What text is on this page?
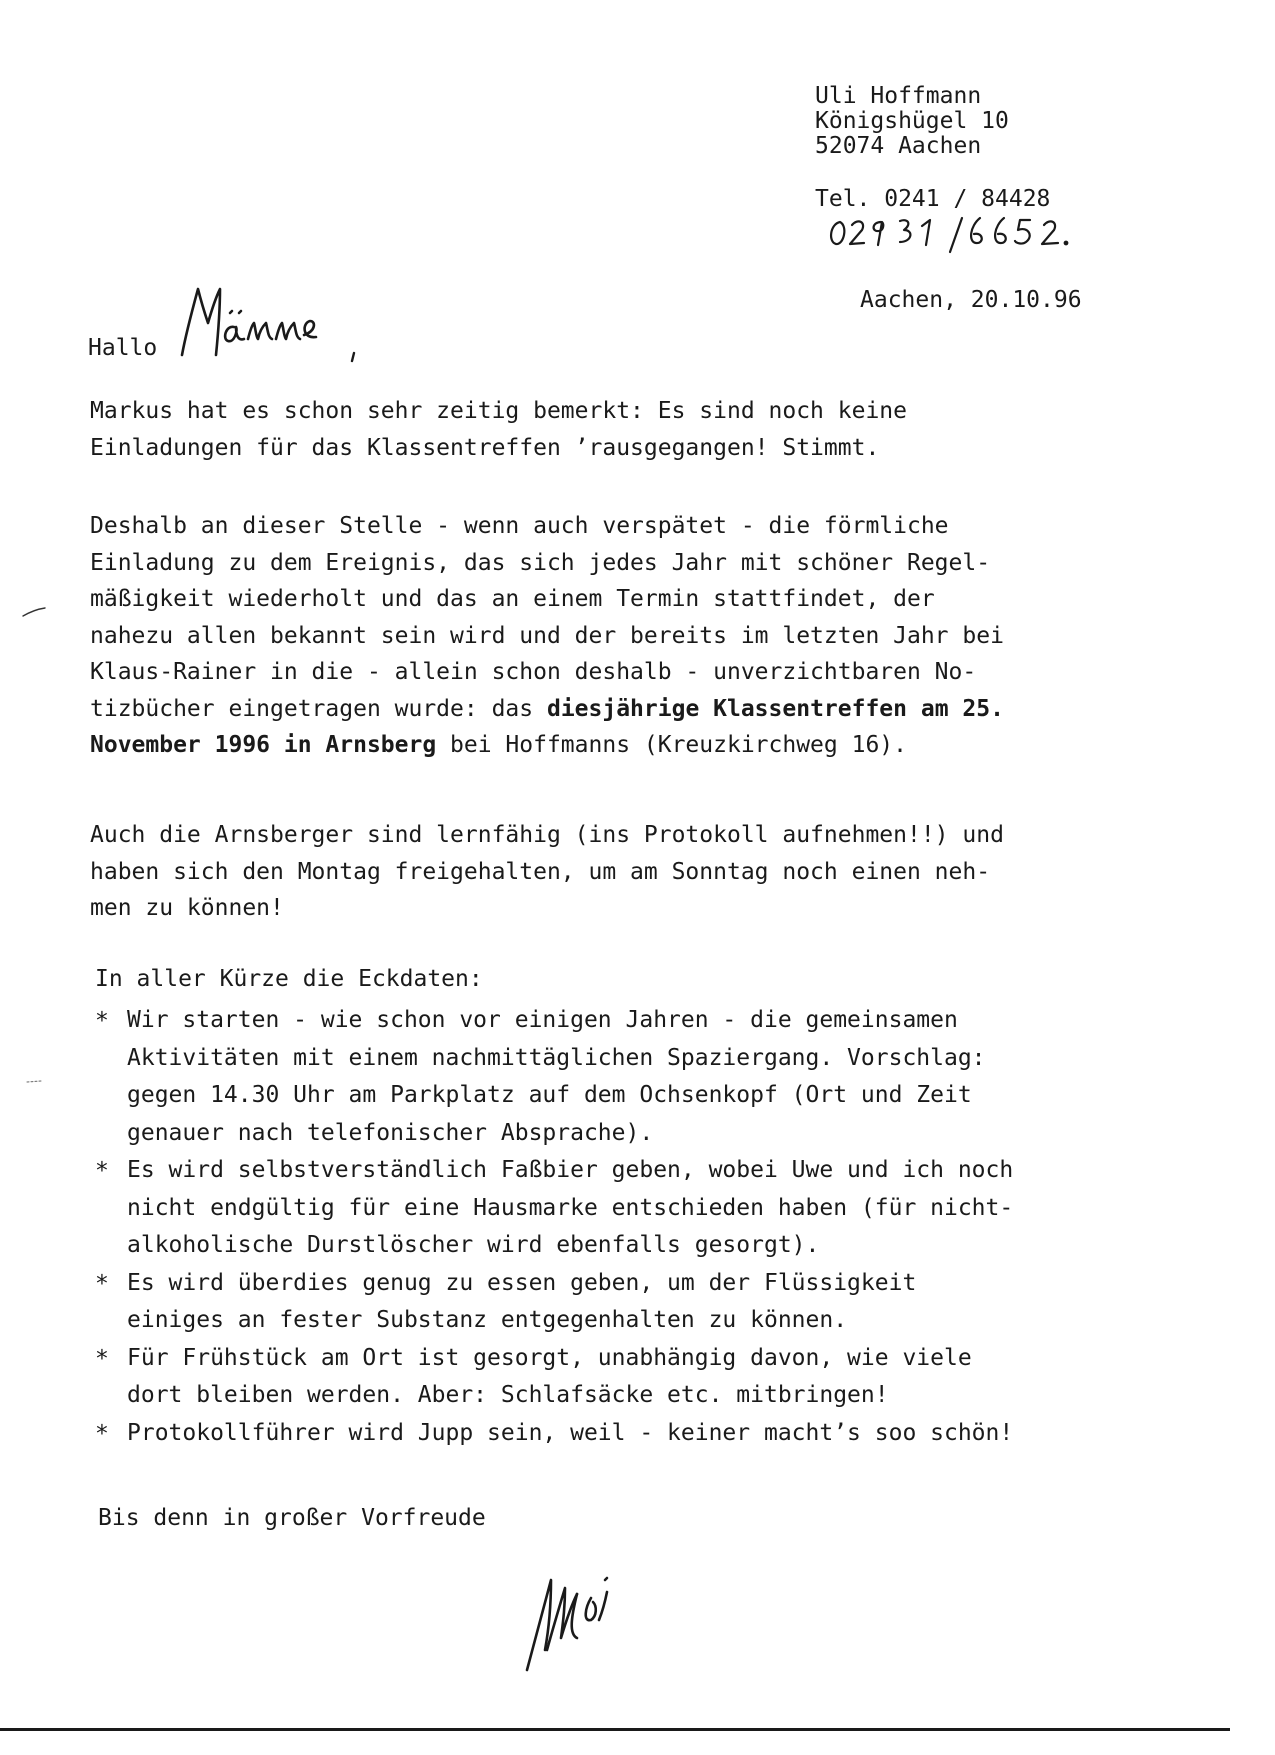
Uli Hoffmann
Königshügel 10
52074 Aachen
Tel. 0241 / 84428
Aachen, 20.10.96
Hallo

Markus hat es schon sehr zeitig bemerkt: Es sind noch keine

Einladungen für das Klassentreffen ’rausgegangen! Stimmt.

Deshalb an dieser Stelle - wenn auch verspätet - die förmliche

Einladung zu dem Ereignis, das sich jedes Jahr mit schöner Regel-

mäßigkeit wiederholt und das an einem Termin stattfindet, der

nahezu allen bekannt sein wird und der bereits im letzten Jahr bei

Klaus-Rainer in die - allein schon deshalb - unverzichtbaren No-

tizbücher eingetragen wurde: das diesjährige Klassentreffen am 25.

November 1996 in Arnsberg bei Hoffmanns (Kreuzkirchweg 16).

Auch die Arnsberger sind lernfähig (ins Protokoll aufnehmen!!) und

haben sich den Montag freigehalten, um am Sonntag noch einen neh-

men zu können!

In aller Kürze die Eckdaten:
* Wir starten - wie schon vor einigen Jahren - die gemeinsamen

Aktivitäten mit einem nachmittäglichen Spaziergang. Vorschlag:

gegen 14.30 Uhr am Parkplatz auf dem Ochsenkopf (Ort und Zeit

genauer nach telefonischer Absprache).

* Es wird selbstverständlich Faßbier geben, wobei Uwe und ich noch

nicht endgültig für eine Hausmarke entschieden haben (für nicht-

alkoholische Durstlöscher wird ebenfalls gesorgt).

* Es wird überdies genug zu essen geben, um der Flüssigkeit

einiges an fester Substanz entgegenhalten zu können.

* Für Frühstück am Ort ist gesorgt, unabhängig davon, wie viele

dort bleiben werden. Aber: Schlafsäcke etc. mitbringen!

* Protokollführer wird Jupp sein, weil - keiner macht’s soo schön!

Bis denn in großer Vorfreude
